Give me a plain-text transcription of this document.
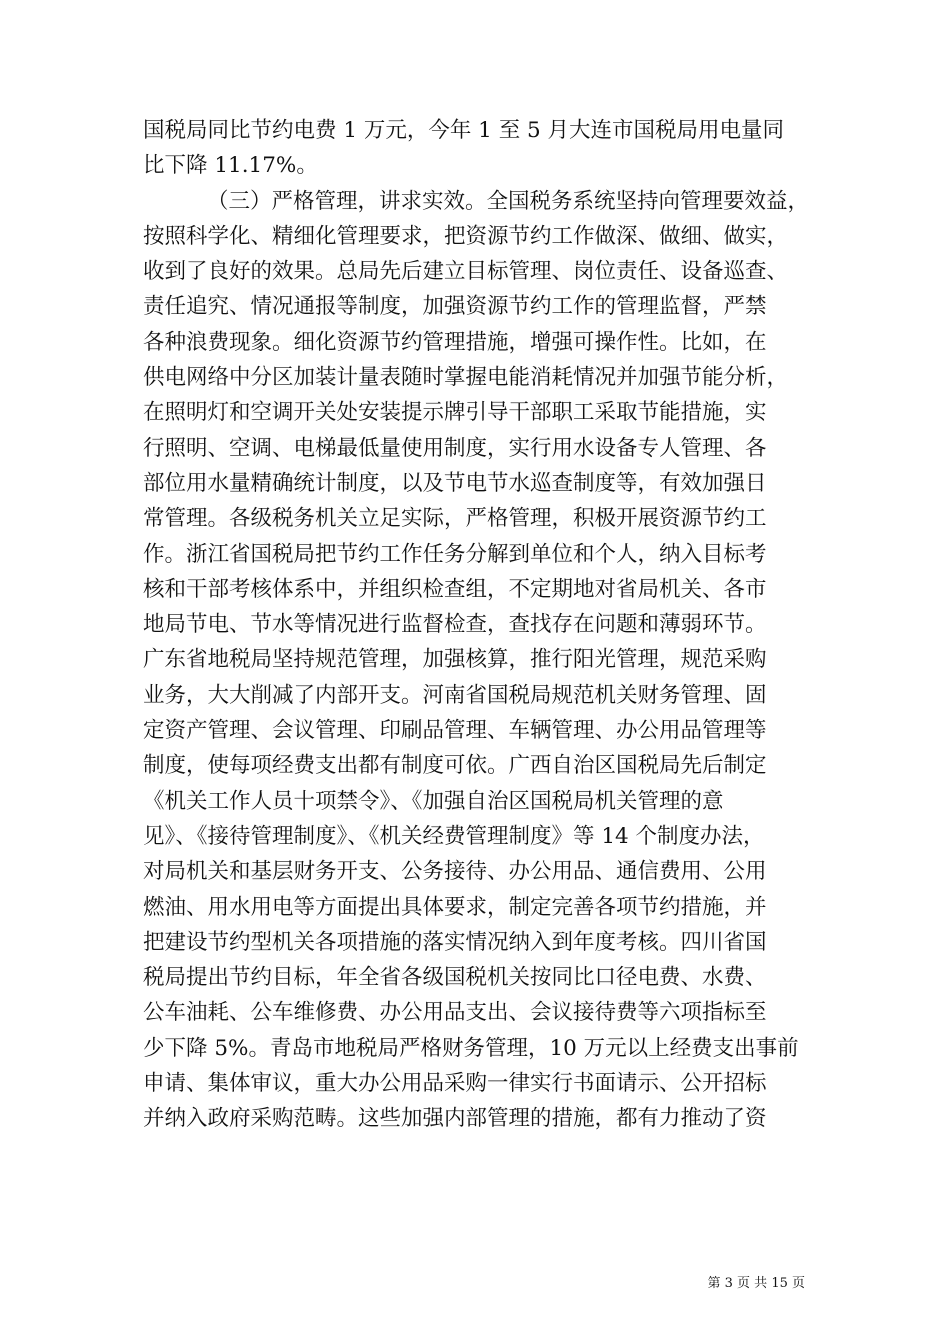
国税局同比节约电费 1 万元，今年 1 至 5 月大连市国税局用电量同
比下降 11.17%。
（三）严格管理，讲求实效。全国税务系统坚持向管理要效益，
按照科学化、精细化管理要求，把资源节约工作做深、做细、做实，
收到了良好的效果。总局先后建立目标管理、岗位责任、设备巡查、
责任追究、情况通报等制度，加强资源节约工作的管理监督，严禁
各种浪费现象。细化资源节约管理措施，增强可操作性。比如，在
供电网络中分区加装计量表随时掌握电能消耗情况并加强节能分析，
在照明灯和空调开关处安装提示牌引导干部职工采取节能措施，实
行照明、空调、电梯最低量使用制度，实行用水设备专人管理、各
部位用水量精确统计制度，以及节电节水巡查制度等，有效加强日
常管理。各级税务机关立足实际，严格管理，积极开展资源节约工
作。浙江省国税局把节约工作任务分解到单位和个人，纳入目标考
核和干部考核体系中，并组织检查组，不定期地对省局机关、各市
地局节电、节水等情况进行监督检查，查找存在问题和薄弱环节。
广东省地税局坚持规范管理，加强核算，推行阳光管理，规范采购
业务，大大削减了内部开支。河南省国税局规范机关财务管理、固
定资产管理、会议管理、印刷品管理、车辆管理、办公用品管理等
制度，使每项经费支出都有制度可依。广西自治区国税局先后制定
《机关工作人员十项禁令》、《加强自治区国税局机关管理的意
见》、《接待管理制度》、《机关经费管理制度》等 14 个制度办法，
对局机关和基层财务开支、公务接待、办公用品、通信费用、公用
燃油、用水用电等方面提出具体要求，制定完善各项节约措施，并
把建设节约型机关各项措施的落实情况纳入到年度考核。四川省国
税局提出节约目标，年全省各级国税机关按同比口径电费、水费、
公车油耗、公车维修费、办公用品支出、会议接待费等六项指标至
少下降 5%。青岛市地税局严格财务管理，10 万元以上经费支出事前
申请、集体审议，重大办公用品采购一律实行书面请示、公开招标
并纳入政府采购范畴。这些加强内部管理的措施，都有力推动了资
第 3 页 共 15 页
